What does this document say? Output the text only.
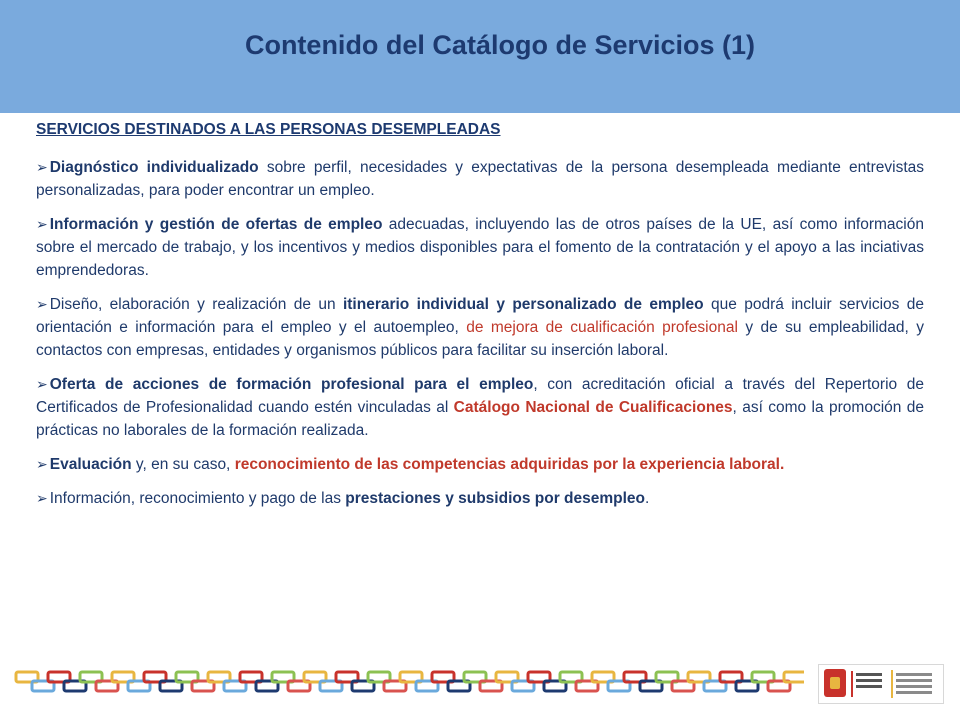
Contenido del Catálogo de Servicios (1)
SERVICIOS DESTINADOS A LAS PERSONAS DESEMPLEADAS
➢ Diagnóstico individualizado sobre perfil, necesidades y expectativas de la persona desempleada mediante entrevistas personalizadas, para poder encontrar un empleo.
➢ Información y gestión de ofertas de empleo adecuadas, incluyendo las de otros países de la UE, así como información sobre el mercado de trabajo, y los incentivos y medios disponibles para el fomento de la contratación y el apoyo a las inciativas emprendedoras.
➢ Diseño, elaboración y realización de un itinerario individual y personalizado de empleo que podrá incluir servicios de orientación e información para el empleo y el autoempleo, de mejora de cualificación profesional y de su empleabilidad, y contactos con empresas, entidades y organismos públicos para facilitar su inserción laboral.
➢ Oferta de acciones de formación profesional para el empleo, con acreditación oficial a través del Repertorio de Certificados de Profesionalidad cuando estén vinculadas al Catálogo Nacional de Cualificaciones, así como la promoción de prácticas no laborales de la formación realizada.
➢ Evaluación y, en su caso, reconocimiento de las competencias adquiridas por la experiencia laboral.
➢ Información, reconocimiento y pago de las prestaciones y subsidios por desempleo.
